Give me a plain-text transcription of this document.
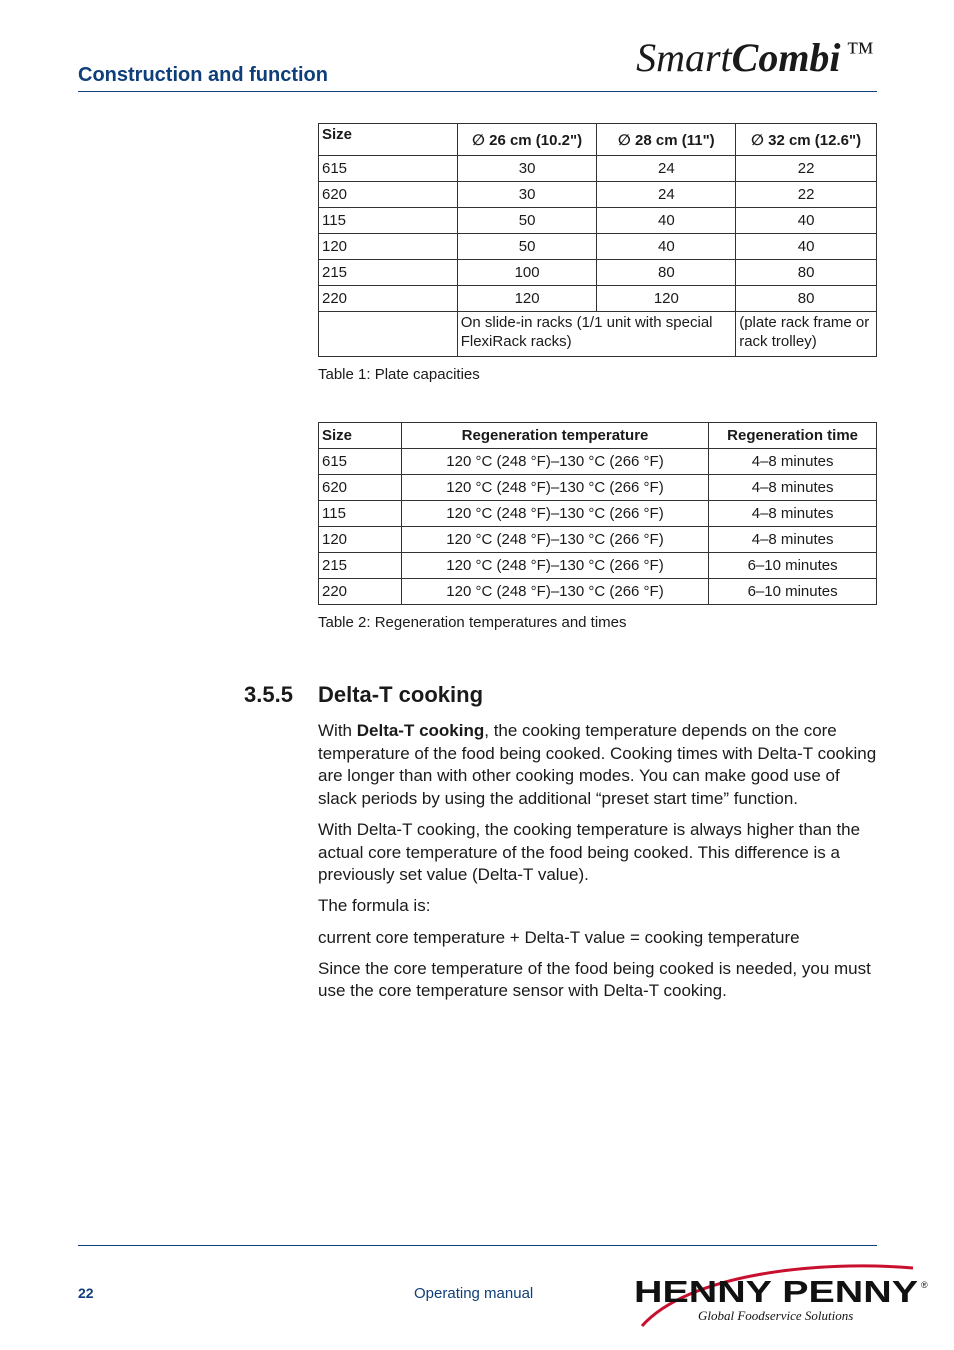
SmartCombi ™
Construction and function
Size	∅ 26 cm (10.2")	∅ 28 cm (11")	∅ 32 cm (12.6")
615	30	24	22
620	30	24	22
115	50	40	40
120	50	40	40
215	100	80	80
220	120	120	80
	On slide-in racks (1/1 unit with special FlexiRack racks)		(plate rack frame or rack trolley)
Table 1: Plate capacities
Size	Regeneration temperature	Regeneration time
615	120 °C (248 °F)–130 °C (266 °F)	4–8 minutes
620	120 °C (248 °F)–130 °C (266 °F)	4–8 minutes
115	120 °C (248 °F)–130 °C (266 °F)	4–8 minutes
120	120 °C (248 °F)–130 °C (266 °F)	4–8 minutes
215	120 °C (248 °F)–130 °C (266 °F)	6–10 minutes
220	120 °C (248 °F)–130 °C (266 °F)	6–10 minutes
Table 2: Regeneration temperatures and times
3.5.5 Delta-T cooking

With Delta-T cooking, the cooking temperature depends on the core temperature of the food being cooked. Cooking times with Delta-T cooking are longer than with other cooking modes. You can make good use of slack periods by using the additional “preset start time” function.

With Delta-T cooking, the cooking temperature is always higher than the actual core temperature of the food being cooked. This difference is a previously set value (Delta-T value).

The formula is:

current core temperature + Delta-T value = cooking temperature

Since the core temperature of the food being cooked is needed, you must use the core temperature sensor with Delta-T cooking.

22	Operating manual	HENNY PENNY ®
Global Foodservice Solutions
